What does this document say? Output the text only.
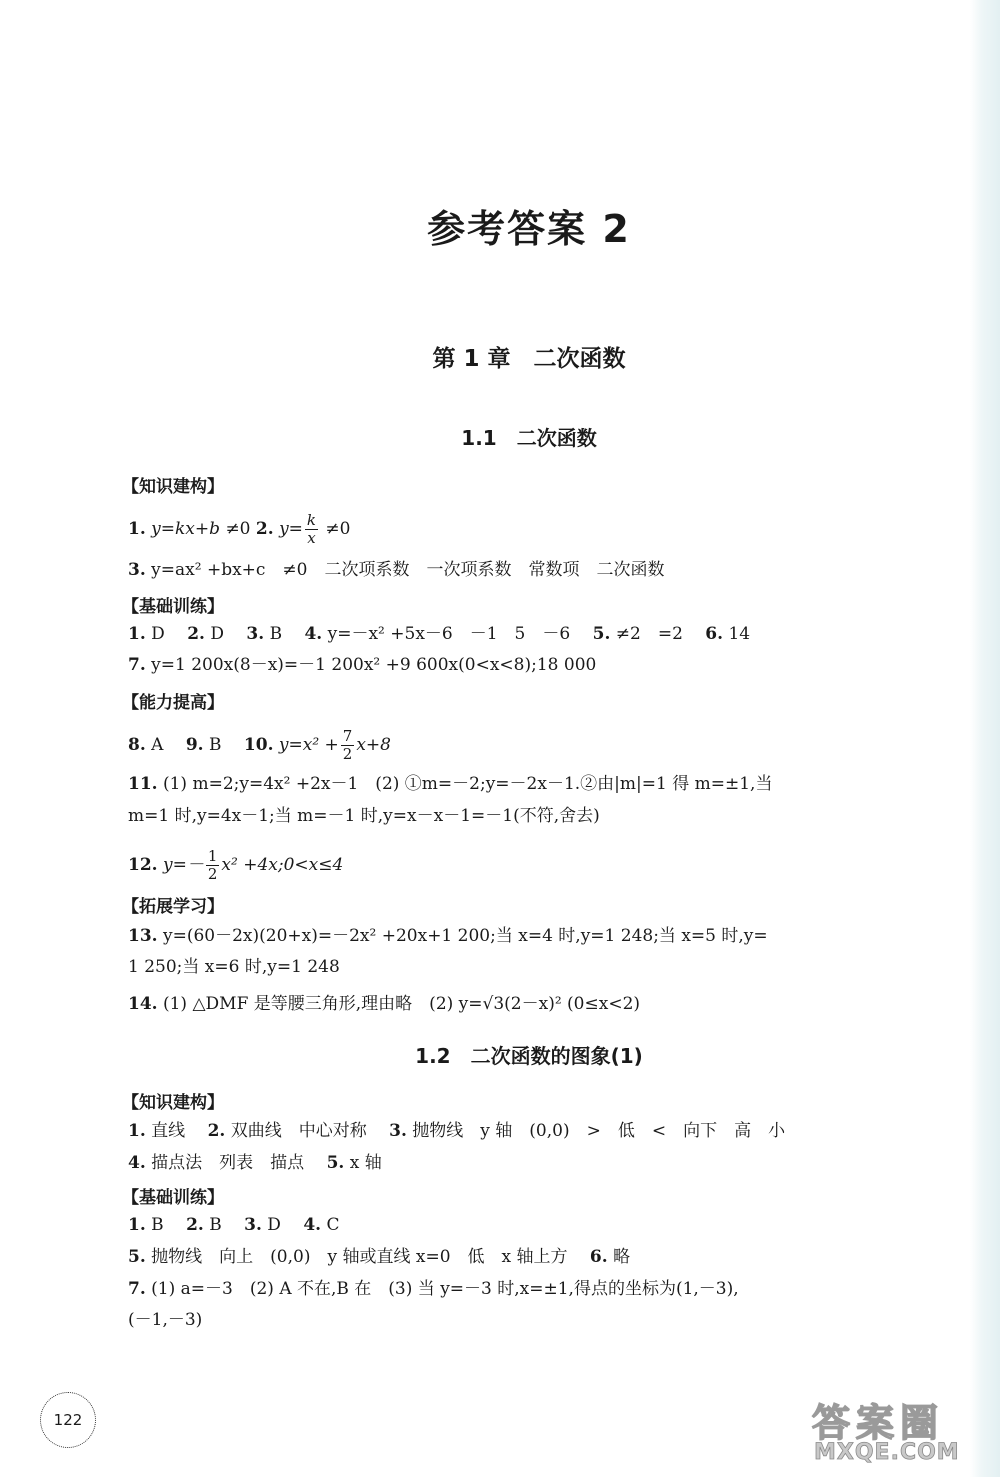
参考答案 2
第 1 章　二次函数
1.1　二次函数
【知识建构】
1. y=kx+b ≠0 2. $y= \frac{k}{x} \ne 0$
3. y=ax² +bx+c　≠0　二次项系数　一次项系数　常数项　二次函数
【基础训练】
1. D　 2. D　 3. B　 4. y=－x² +5x－6　－1　5　－6　 5. ≠2　=2　 6. 14
7. y=1 200x(8－x)=－1 200x² +9 600x(0<x<8);18 000
【能力提高】
8. A　 9. B　 10. $y=x^2 + \frac{7}{2} x+8$
11. (1) m=2;y=4x² +2x－1　(2) ①m=－2;y=－2x－1.②由|m|=1 得 m=±1,当
m=1 时,y=4x－1;当 m=－1 时,y=x－x－1=－1(不符,舍去)
12. $y=- \frac{1}{2} x^2$ +4x;0<x≤4
【拓展学习】
13. y=(60－2x)(20+x)=－2x² +20x+1 200;当 x=4 时,y=1 248;当 x=5 时,y=
1 250;当 x=6 时,y=1 248
14. (1) △DMF 是等腰三角形,理由略　(2) y=√3(2－x)² (0≤x<2)
1.2　二次函数的图象(1)
【知识建构】
1. 直线　 2. 双曲线　中心对称　 3. 抛物线　y 轴　(0,0)　>　低　<　向下　高　小
4. 描点法　列表　描点　 5. x 轴
【基础训练】
1. B　 2. B　 3. D　 4. C
5. 抛物线　向上　(0,0)　y 轴或直线 x=0　低　x 轴上方　 6. 略
7. (1) a=－3　(2) A 不在,B 在　(3) 当 y=－3 时,x=±1,得点的坐标为(1,－3),
(－1,－3)
122	答案圈
MXQE.COM
